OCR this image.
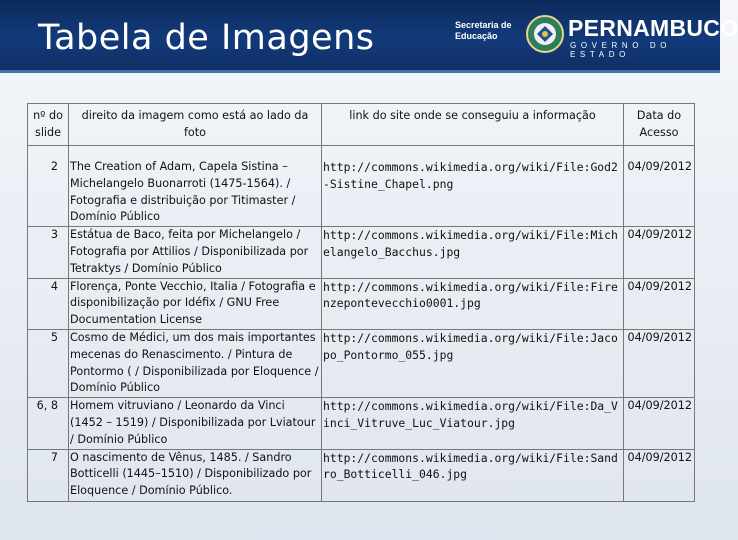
Tabela de Imagens	Secretaria de Educação	PERNAMBUCO
GOVERNO DO ESTADO
nº do slide	direito da imagem como está ao lado da foto	link do site onde se conseguiu a informação	Data do Acesso
2	The Creation of Adam, Capela Sistina – Michelangelo Buonarroti (1475-1564). / Fotografia e distribuição por Titimaster / Domínio Público	http://commons.wikimedia.org/wiki/File:God2-Sistine_Chapel.png	04/09/2012
3	Estátua de Baco, feita por Michelangelo / Fotografia por Attilios / Disponibilizada por Tetraktys / Domínio Público	http://commons.wikimedia.org/wiki/File:Michelangelo_Bacchus.jpg	04/09/2012
4	Florença, Ponte Vecchio, Italia / Fotografia e disponibilização por Idéfix / GNU Free Documentation License	http://commons.wikimedia.org/wiki/File:Firenzepontevecchio0001.jpg	04/09/2012
5	Cosmo de Médici, um dos mais importantes mecenas do Renascimento. / Pintura de Pontormo ( / Disponibilizada por Eloquence / Domínio Público	http://commons.wikimedia.org/wiki/File:Jacopo_Pontormo_055.jpg	04/09/2012
6, 8	Homem vitruviano / Leonardo da Vinci (1452 – 1519) / Disponibilizada por Lviatour / Domínio Público	http://commons.wikimedia.org/wiki/File:Da_Vinci_Vitruve_Luc_Viatour.jpg	04/09/2012
7	O nascimento de Vênus, 1485. / Sandro Botticelli (1445–1510) / Disponibilizado por Eloquence / Domínio Público.	http://commons.wikimedia.org/wiki/File:Sandro_Botticelli_046.jpg	04/09/2012
